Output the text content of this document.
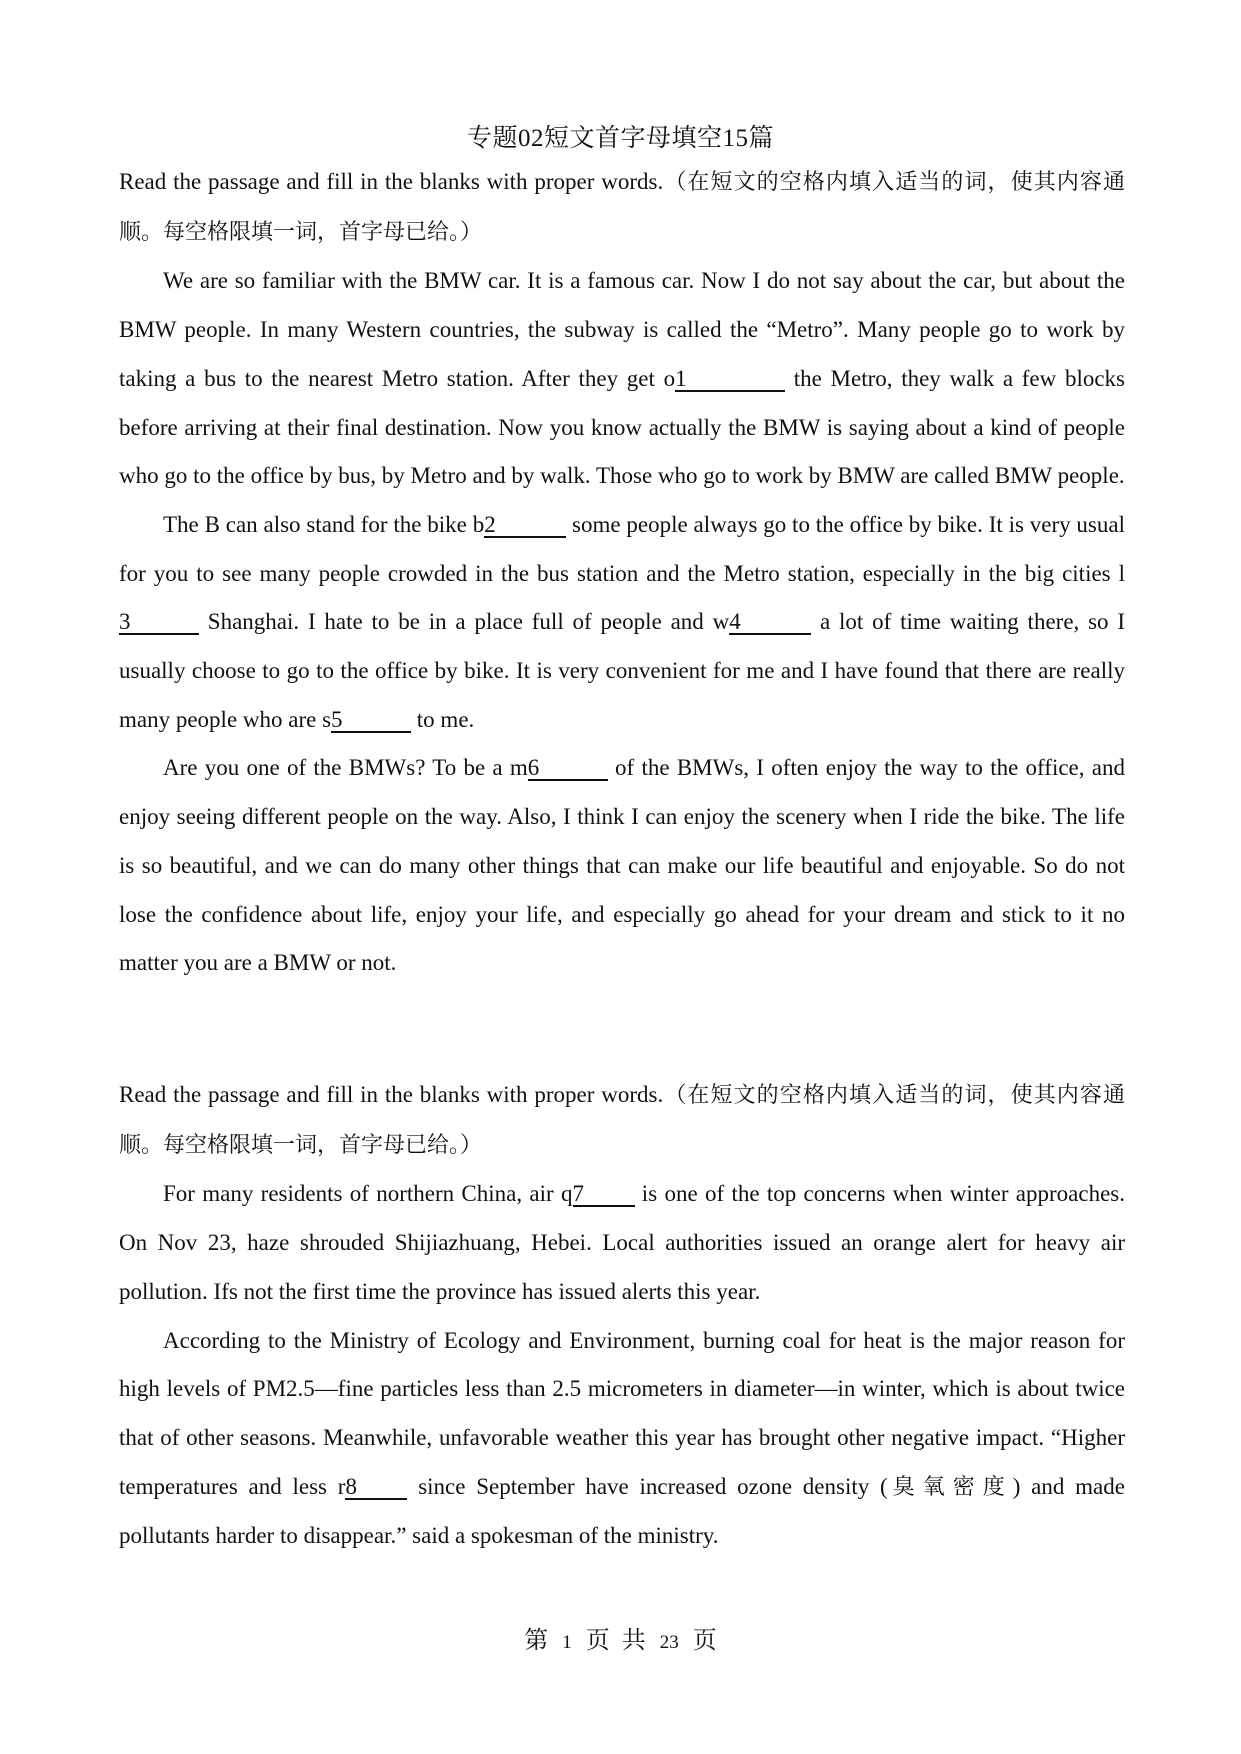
专题02短文首字母填空15篇

Read the passage and fill in the blanks with proper words.（在短文的空格内填入适当的词，使其内容通顺。每空格限填一词，首字母已给。）

We are so familiar with the BMW car. It is a famous car. Now I do not say about the car, but about the BMW people. In many Western countries, the subway is called the “Metro”. Many people go to work by taking a bus to the nearest Metro station. After they get o1	the Metro, they walk a few blocks before arriving at their final destination. Now you know actually the BMW is saying about a kind of people who go to the office by bus, by Metro and by walk. Those who go to work by BMW are called BMW people.

The B can also stand for the bike b2	some people always go to the office by bike. It is very usual for you to see many people crowded in the bus station and the Metro station, especially in the big cities l3	Shanghai. I hate to be in a place full of people and w4	a lot of time waiting there, so I usually choose to go to the office by bike. It is very convenient for me and I have found that there are really many people who are s5	to me.

Are you one of the BMWs? To be a m6	of the BMWs, I often enjoy the way to the office, and enjoy seeing different people on the way. Also, I think I can enjoy the scenery when I ride the bike. The life is so beautiful, and we can do many other things that can make our life beautiful and enjoyable. So do not lose the confidence about life, enjoy your life, and especially go ahead for your dream and stick to it no matter you are a BMW or not.

Read the passage and fill in the blanks with proper words.（在短文的空格内填入适当的词，使其内容通顺。每空格限填一词，首字母已给。）

For many residents of northern China, air q7 is one of the top concerns when winter approaches. On Nov 23, haze shrouded Shijiazhuang, Hebei. Local authorities issued an orange alert for heavy air pollution. Ifs not the first time the province has issued alerts this year.

According to the Ministry of Ecology and Environment, burning coal for heat is the major reason for high levels of PM2.5—fine particles less than 2.5 micrometers in diameter—in winter, which is about twice that of other seasons. Meanwhile, unfavorable weather this year has brought other negative impact. “Higher temperatures and less r8 since September have increased ozone density (臭氧密度) and made pollutants harder to disappear.” said a spokesman of the ministry.

第 1 页 共 23 页
